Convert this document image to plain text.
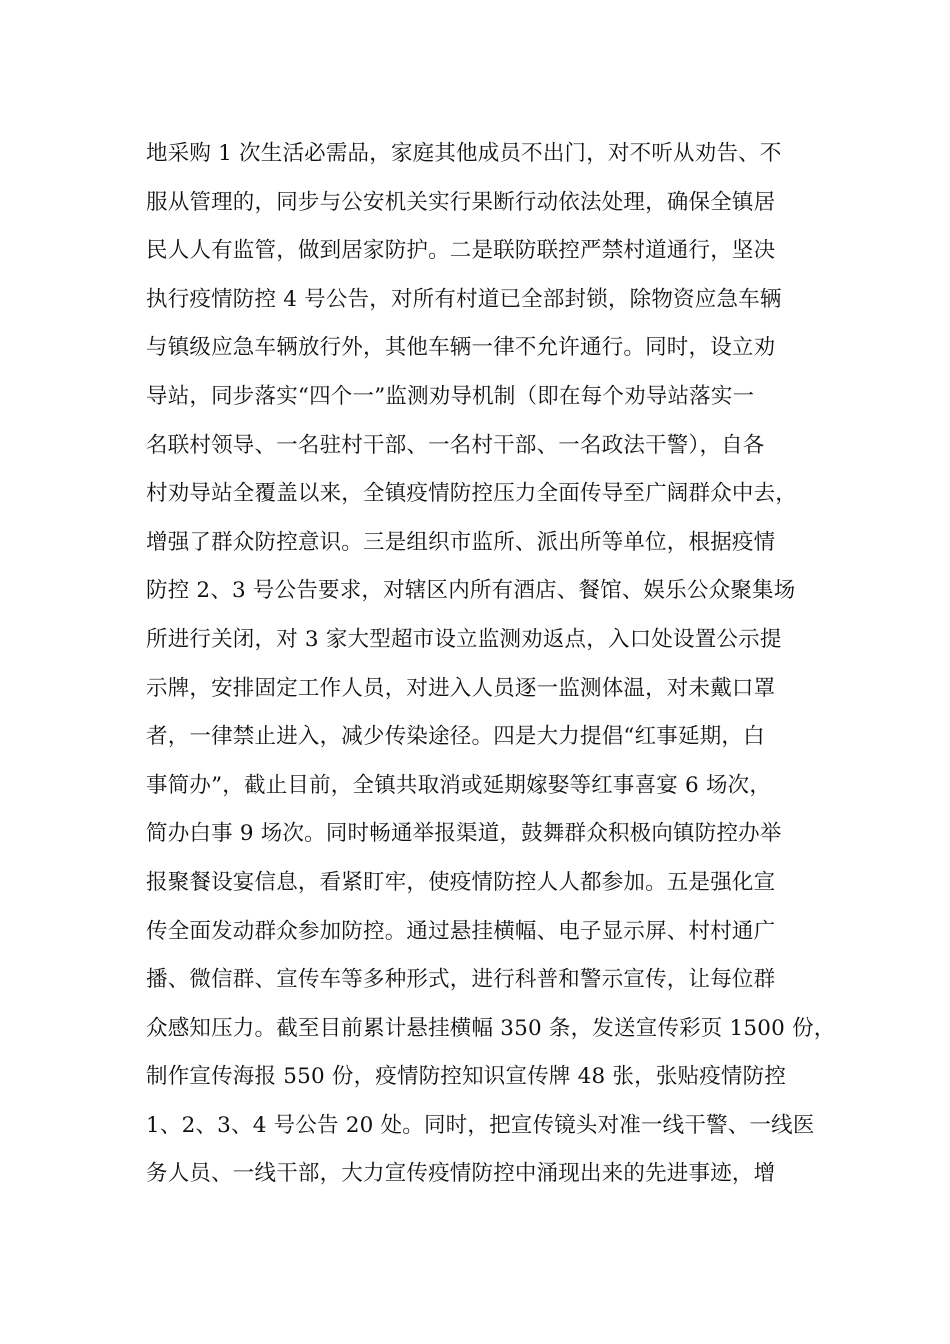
地采购 1 次生活必需品，家庭其他成员不出门，对不听从劝告、不
服从管理的，同步与公安机关实行果断行动依法处理，确保全镇居
民人人有监管，做到居家防护。二是联防联控严禁村道通行，坚决
执行疫情防控 4 号公告，对所有村道已全部封锁，除物资应急车辆
与镇级应急车辆放行外，其他车辆一律不允许通行。同时，设立劝
导站，同步落实“四个一”监测劝导机制（即在每个劝导站落实一
名联村领导、一名驻村干部、一名村干部、一名政法干警），自各
村劝导站全覆盖以来，全镇疫情防控压力全面传导至广阔群众中去，
增强了群众防控意识。三是组织市监所、派出所等单位，根据疫情
防控 2、3 号公告要求，对辖区内所有酒店、餐馆、娱乐公众聚集场
所进行关闭，对 3 家大型超市设立监测劝返点，入口处设置公示提
示牌，安排固定工作人员，对进入人员逐一监测体温，对未戴口罩
者，一律禁止进入，减少传染途径。四是大力提倡“红事延期，白
事简办”，截止目前，全镇共取消或延期嫁娶等红事喜宴 6 场次，
简办白事 9 场次。同时畅通举报渠道，鼓舞群众积极向镇防控办举
报聚餐设宴信息，看紧盯牢，使疫情防控人人都参加。五是强化宣
传全面发动群众参加防控。通过悬挂横幅、电子显示屏、村村通广
播、微信群、宣传车等多种形式，进行科普和警示宣传，让每位群
众感知压力。截至目前累计悬挂横幅 350 条，发送宣传彩页 1500 份，
制作宣传海报 550 份，疫情防控知识宣传牌 48 张，张贴疫情防控
1、2、3、4 号公告 20 处。同时，把宣传镜头对准一线干警、一线医
务人员、一线干部，大力宣传疫情防控中涌现出来的先进事迹，增
